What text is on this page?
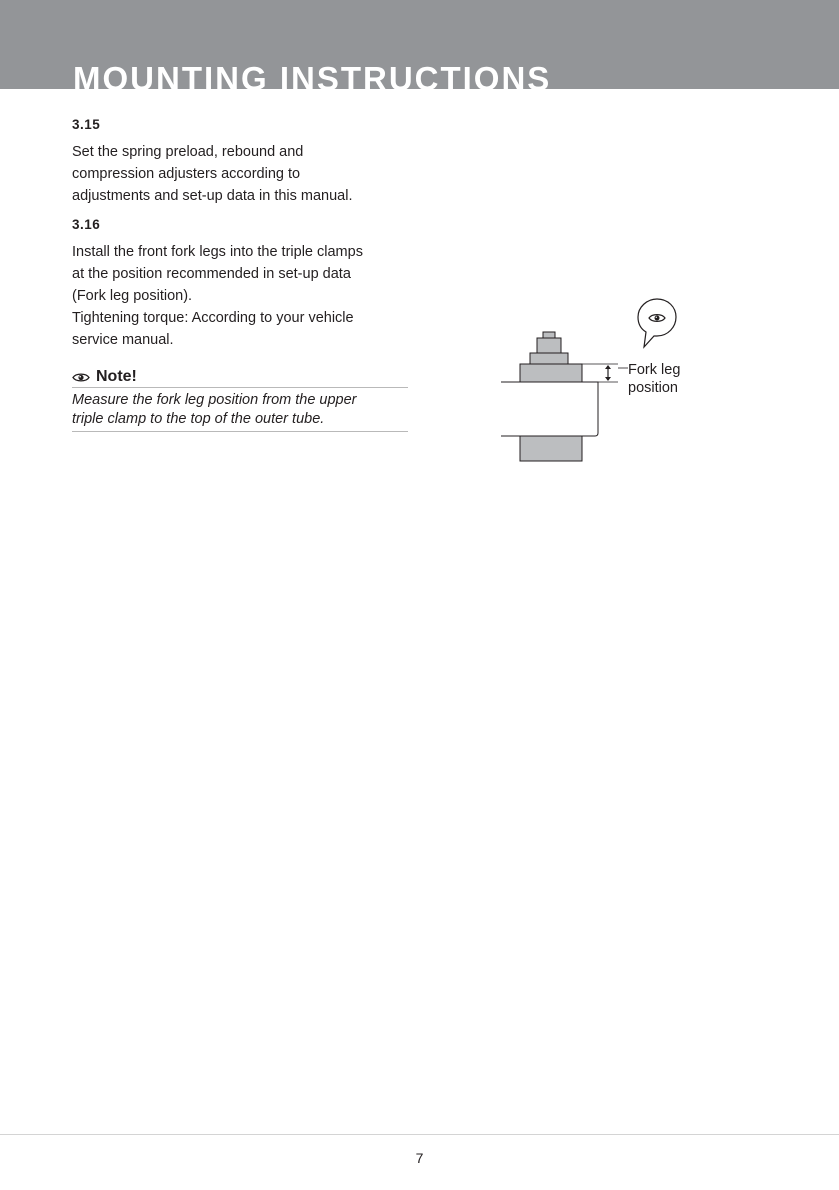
MOUNTING INSTRUCTIONS
3.15

Set the spring preload, rebound and
compression adjusters according to
adjustments and set-up data in this manual.

3.16

Install the front fork legs into the triple clamps
at the position recommended in set-up data
(Fork leg position).
Tightening torque: According to your vehicle
service manual.

Note!
Measure the fork leg position from the upper
triple clamp to the top of the outer tube.
Fork leg
position
7
